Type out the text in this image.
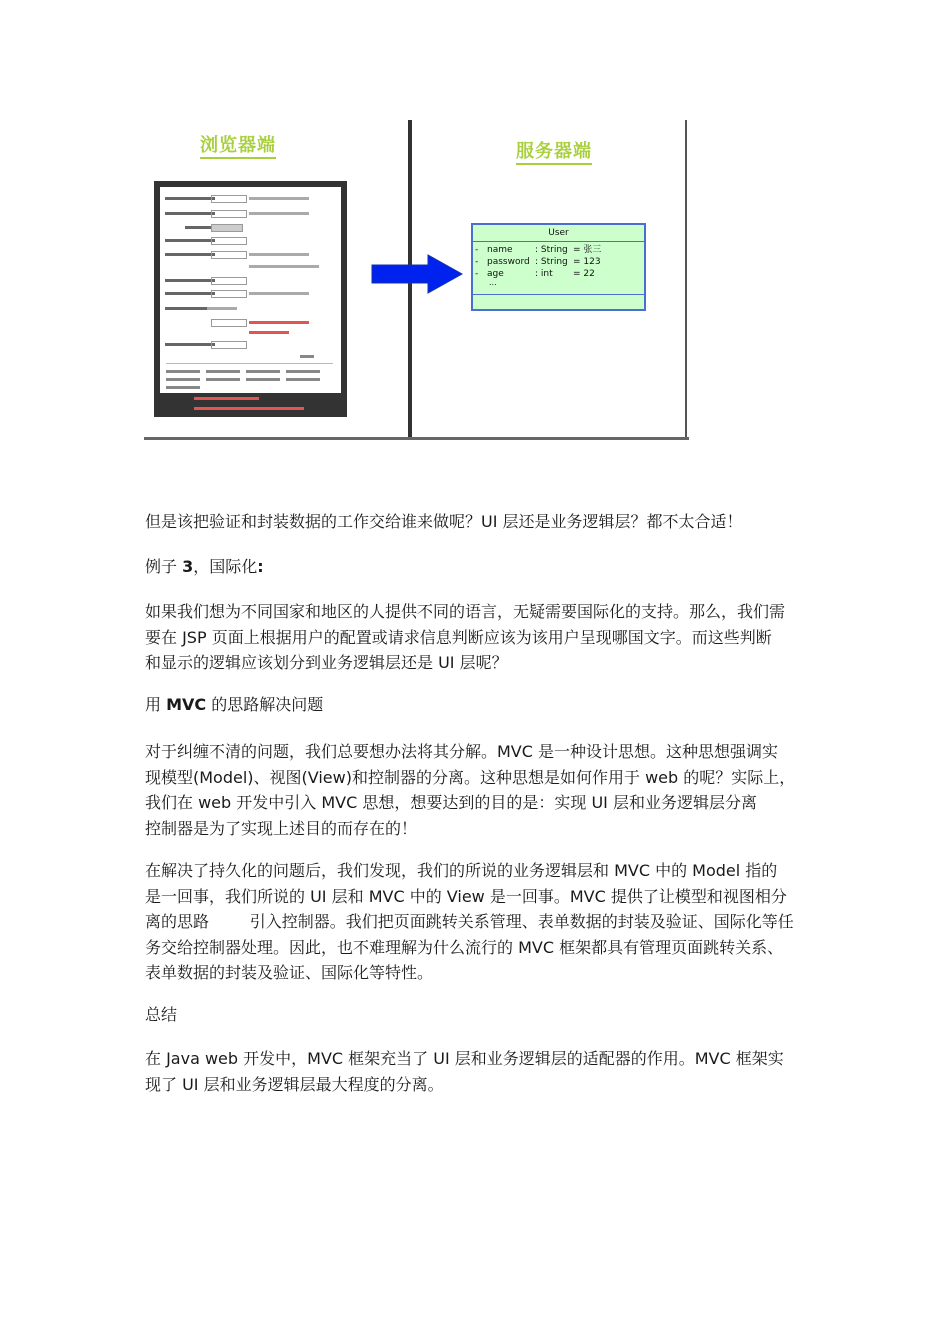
浏览器端	服务器端
User
- name : String = 张三
- password : String = 123
- age	: int = 22
...

但是该把验证和封装数据的工作交给谁来做呢？UI 层还是业务逻辑层？都不太合适！

例子 3，国际化:

如果我们想为不同国家和地区的人提供不同的语言，无疑需要国际化的支持。那么，我们需
要在 JSP 页面上根据用户的配置或请求信息判断应该为该用户呈现哪国文字。而这些判断
和显示的逻辑应该划分到业务逻辑层还是 UI 层呢？

用 MVC 的思路解决问题

对于纠缠不清的问题，我们总要想办法将其分解。MVC 是一种设计思想。这种思想强调实
现模型(Model)、视图(View)和控制器的分离。这种思想是如何作用于 web 的呢？实际上，
我们在 web 开发中引入 MVC 思想，想要达到的目的是：实现 UI 层和业务逻辑层分离
控制器是为了实现上述目的而存在的！

在解决了持久化的问题后，我们发现，我们的所说的业务逻辑层和 MVC 中的 Model 指的
是一回事，我们所说的 UI 层和 MVC 中的 View 是一回事。MVC 提供了让模型和视图相分
离的思路        引入控制器。我们把页面跳转关系管理、表单数据的封装及验证、国际化等任
务交给控制器处理。因此，也不难理解为什么流行的 MVC 框架都具有管理页面跳转关系、
表单数据的封装及验证、国际化等特性。

总结

在 Java web 开发中，MVC 框架充当了 UI 层和业务逻辑层的适配器的作用。MVC 框架实
现了 UI 层和业务逻辑层最大程度的分离。
